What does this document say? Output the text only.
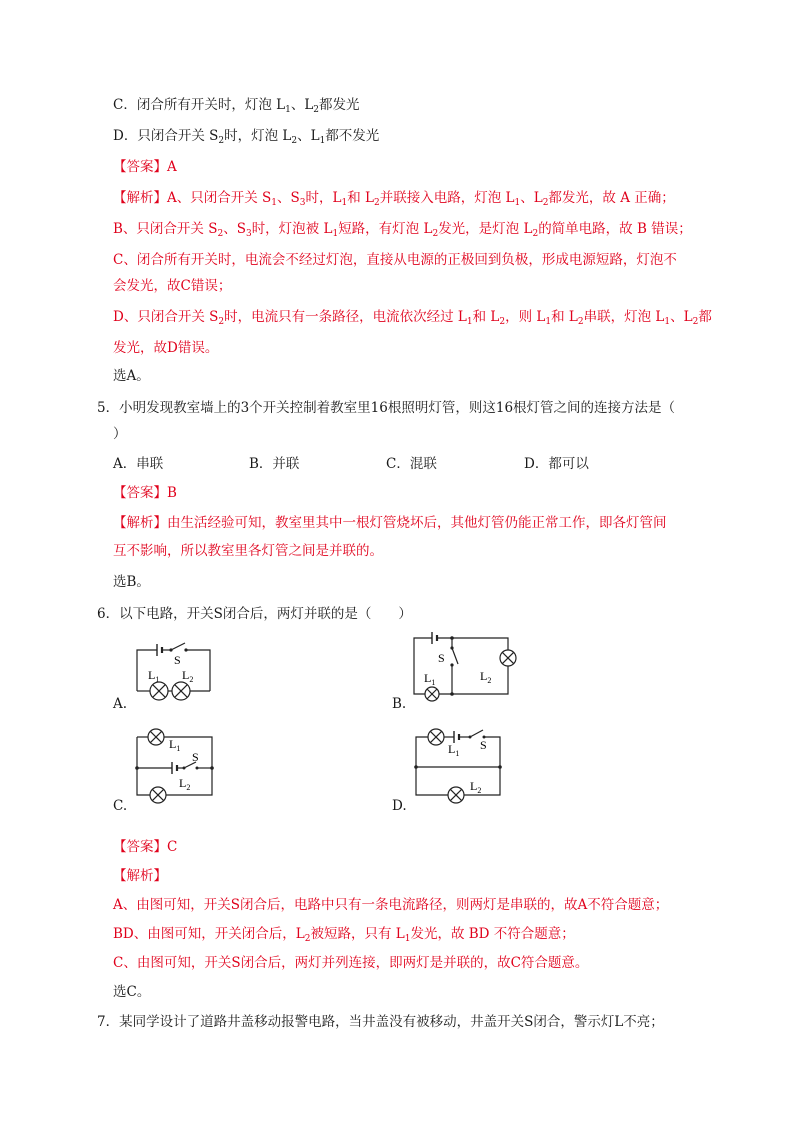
C．闭合所有开关时，灯泡 $L_1$、$L_2$都发光
D．只闭合开关 $S_2$时，灯泡 $L_2$、$L_1$都不发光
【答案】A
【解析】A、只闭合开关 $S_1$、$S_3$时，$L_1$和 $L_2$并联接入电路，灯泡 $L_1$、$L_2$都发光，故 A 正确；
B、只闭合开关 $S_2$、$S_3$时，灯泡被 $L_1$短路，有灯泡 $L_2$发光，是灯泡 $L_2$的简单电路，故 B 错误；
C、闭合所有开关时，电流会不经过灯泡，直接从电源的正极回到负极，形成电源短路，灯泡不
会发光，故C错误；
D、只闭合开关 $S_2$时，电流只有一条路径，电流依次经过 $L_1$和 $L_2$，则 $L_1$和 $L_2$串联，灯泡 $L_1$、$L_2$都
发光，故D错误。
选A。
5．小明发现教室墙上的3个开关控制着教室里16根照明灯管，则这16根灯管之间的连接方法是（
）
A．串联	B．并联	C．混联	D．都可以
【答案】B
【解析】由生活经验可知，教室里其中一根灯管烧坏后，其他灯管仍能正常工作，即各灯管间
互不影响，所以教室里各灯管之间是并联的。
选B。
6．以下电路，开关S闭合后，两灯并联的是（　　）
A.	B.
C.	D.
S
$L_1$ $L_2$
S
$L_1$	$L_2$
S
$L_1$
$L_2$
S
$L_1$
$L_2$
【答案】C
【解析】
A、由图可知，开关S闭合后，电路中只有一条电流路径，则两灯是串联的，故A不符合题意；
BD、由图可知，开关闭合后，$L_2$被短路，只有 $L_1$发光，故 BD 不符合题意；
C、由图可知，开关S闭合后，两灯并列连接，即两灯是并联的，故C符合题意。
选C。
7．某同学设计了道路井盖移动报警电路，当井盖没有被移动，井盖开关S闭合，警示灯L不亮；
